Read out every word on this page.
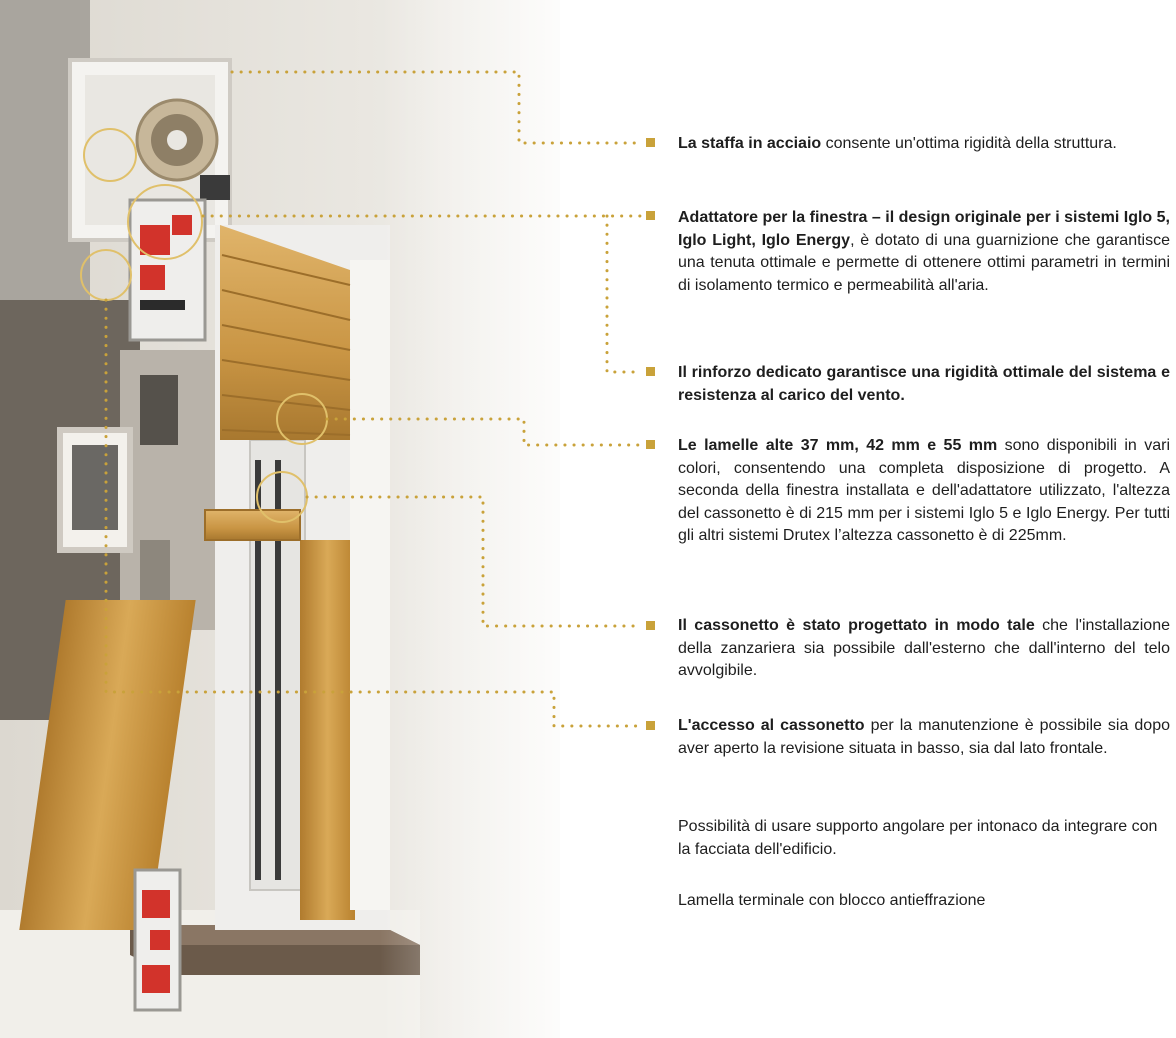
La staffa in acciaio consente un'ottima rigidità della struttura.
Adattatore per la finestra – il design originale per i sistemi Iglo 5, Iglo Light, Iglo Energy, è dotato di una guarnizione che garantisce una tenuta ottimale e permette di ottenere ottimi parametri in termini di isolamento termico e permeabilità all'aria.
Il rinforzo dedicato garantisce una rigidità ottimale del sistema e resistenza al carico del vento.
Le lamelle alte 37 mm, 42 mm e 55 mm sono disponibili in vari colori, consentendo una completa disposizione di progetto. A seconda della finestra installata e dell'adattatore utilizzato, l'altezza del cassonetto è di 215 mm per i sistemi Iglo 5 e Iglo Energy. Per tutti gli altri sistemi Drutex l’altezza cassonetto è di 225mm.
Il cassonetto è stato progettato in modo tale che l'installazione della zanzariera sia possibile dall'esterno che dall'interno del telo avvolgibile.
L'accesso al cassonetto per la manutenzione è possibile sia dopo aver aperto la revisione situata in basso, sia dal lato frontale.
Possibilità di usare supporto angolare per intonaco da integrare con la facciata dell'edificio.
Lamella terminale con blocco antieffrazione
